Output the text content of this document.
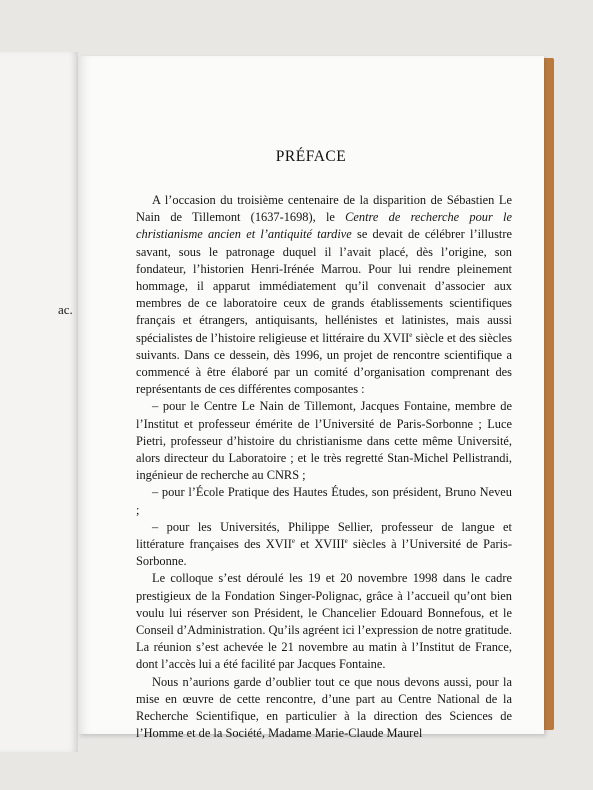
ac.
PRÉFACE

A l’occasion du troisième centenaire de la disparition de Sébastien Le Nain de Tillemont (1637-1698), le Centre de recherche pour le christianisme ancien et l’antiquité tardive se devait de célébrer l’illustre savant, sous le patronage duquel il l’avait placé, dès l’origine, son fondateur, l’historien Henri-Irénée Marrou. Pour lui rendre pleinement hommage, il apparut immédiatement qu’il convenait d’associer aux membres de ce laboratoire ceux de grands établissements scientifiques français et étrangers, antiquisants, hellénistes et latinistes, mais aussi spécialistes de l’histoire religieuse et littéraire du XVIIe siècle et des siècles suivants. Dans ce dessein, dès 1996, un projet de rencontre scientifique a commencé à être élaboré par un comité d’organisation comprenant des représentants de ces différentes composantes :

– pour le Centre Le Nain de Tillemont, Jacques Fontaine, membre de l’Institut et professeur émérite de l’Université de Paris-Sorbonne ; Luce Pietri, professeur d’histoire du christianisme dans cette même Université, alors directeur du Laboratoire ; et le très regretté Stan-Michel Pellistrandi, ingénieur de recherche au CNRS ;

– pour l’École Pratique des Hautes Études, son président, Bruno Neveu ;

– pour les Universités, Philippe Sellier, professeur de langue et littérature françaises des XVIIe et XVIIIe siècles à l’Université de Paris-Sorbonne.

Le colloque s’est déroulé les 19 et 20 novembre 1998 dans le cadre prestigieux de la Fondation Singer-Polignac, grâce à l’accueil qu’ont bien voulu lui réserver son Président, le Chancelier Edouard Bonnefous, et le Conseil d’Administration. Qu’ils agréent ici l’expression de notre gratitude. La réunion s’est achevée le 21 novembre au matin à l’Institut de France, dont l’accès lui a été facilité par Jacques Fontaine.

Nous n’aurions garde d’oublier tout ce que nous devons aussi, pour la mise en œuvre de cette rencontre, d’une part au Centre National de la Recherche Scientifique, en particulier à la direction des Sciences de l’Homme et de la Société, Madame Marie-Claude Maurel
